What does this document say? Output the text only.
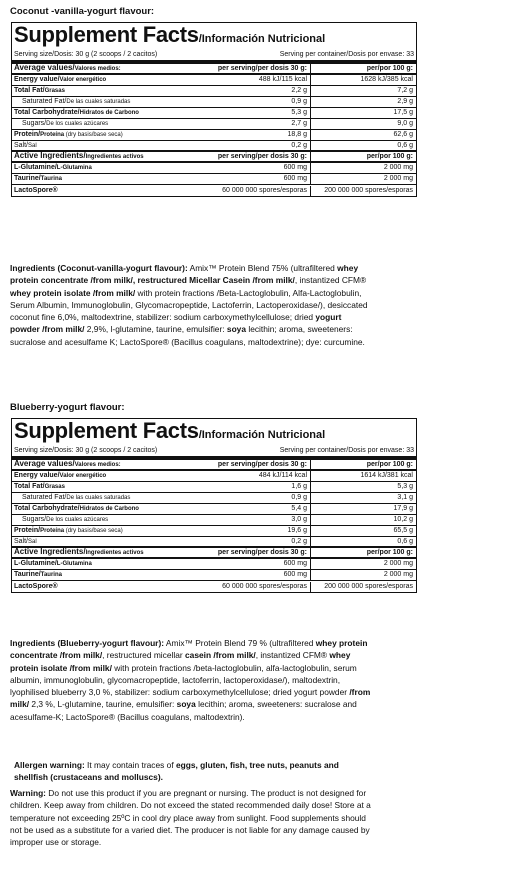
Coconut -vanilla-yogurt flavour:
Supplement Facts/Información Nutricional
Serving size/Dosis: 30 g (2 scoops / 2 cacitos)	Serving per container/Dosis por envase: 33
Average values/Valores medios:	per serving/per dosis 30 g:	per/por 100 g:
Energy value/Valor energético	488 kJ/115 kcal	1628 kJ/385 kcal
Total Fat/Grasas	2,2 g	7,2 g
Saturated Fat/De las cuales saturadas	0,9 g	2,9 g
Total Carbohydrate/Hidratos de Carbono	5,3 g	17,5 g
Sugars/De los cuales azúcares	2,7 g	9,0 g
Protein/Proteína (dry basis/base seca)	18,8 g	62,6 g
Salt/Sal	0,2 g	0,6 g
Active Ingredients/Ingredientes activos	per serving/per dosis 30 g:	per/por 100 g:
L-Glutamine/L-Glutamina	600 mg	2 000 mg
Taurine/Taurina	600 mg	2 000 mg
LactoSpore®	60 000 000 spores/esporas	200 000 000 spores/esporas
Ingredients (Coconut-vanilla-yogurt flavour): Amix™ Protein Blend 75% (ultrafiltered whey protein concentrate /from milk/, restructured Micellar Casein /from milk/, instantized CFM® whey protein isolate /from milk/ with protein fractions /Beta-Lactoglobulin, Alfa-Lactoglobulin, Serum Albumin, Immunoglobulin, Glycomacropeptide, Lactoferrin, Lactoperoxidase/), desiccated coconut fine 6,0%, maltodextrine, stabilizer: sodium carboxymethylcellulose; dried yogurt powder /from milk/ 2,9%, l-glutamine, taurine, emulsifier: soya lecithin; aroma, sweeteners: sucralose and acesulfame K; LactoSpore® (Bacillus coagulans, maltodextrine); dye: curcumine.
Blueberry-yogurt flavour:
Supplement Facts/Información Nutricional
Serving size/Dosis: 30 g (2 scoops / 2 cacitos)	Serving per container/Dosis por envase: 33
Average values/Valores medios:	per serving/per dosis 30 g:	per/por 100 g:
Energy value/Valor energético	484 kJ/114 kcal	1614 kJ/381 kcal
Total Fat/Grasas	1,6 g	5,3 g
Saturated Fat/De las cuales saturadas	0,9 g	3,1 g
Total Carbohydrate/Hidratos de Carbono	5,4 g	17,9 g
Sugars/De los cuales azúcares	3,0 g	10,2 g
Protein/Proteína (dry basis/base seca)	19,6 g	65,5 g
Salt/Sal	0,2 g	0,6 g
Active Ingredients/Ingredientes activos	per serving/per dosis 30 g:	per/por 100 g:
L-Glutamine/L-Glutamina	600 mg	2 000 mg
Taurine/Taurina	600 mg	2 000 mg
LactoSpore®	60 000 000 spores/esporas	200 000 000 spores/esporas
Ingredients (Blueberry-yogurt flavour): Amix™ Protein Blend 79 % (ultrafiltered whey protein concentrate /from milk/, restructured micellar casein /from milk/, instantized CFM® whey protein isolate /from milk/ with protein fractions /beta-lactoglobulin, alfa-lactoglobulin, serum albumin, immunoglobulin, glycomacropeptide, lactoferrin, lactoperoxidase/), maltodextrin, lyophilised blueberry 3,0 %, stabilizer: sodium carboxymethylcellulose; dried yogurt powder /from milk/ 2,3 %, L-glutamine, taurine, emulsifier: soya lecithin; aroma, sweeteners: sucralose and acesulfame-K; LactoSpore® (Bacillus coagulans, maltodextrin).
Allergen warning: It may contain traces of eggs, gluten, fish, tree nuts, peanuts and shellfish (crustaceans and molluscs).
Warning: Do not use this product if you are pregnant or nursing. The product is not designed for children. Keep away from children. Do not exceed the stated recommended daily dose! Store at a temperature not exceeding 25ºC in cool dry place away from sunlight. Food supplements should not be used as a substitute for a varied diet. The producer is not liable for any damage caused by improper use or storage.
